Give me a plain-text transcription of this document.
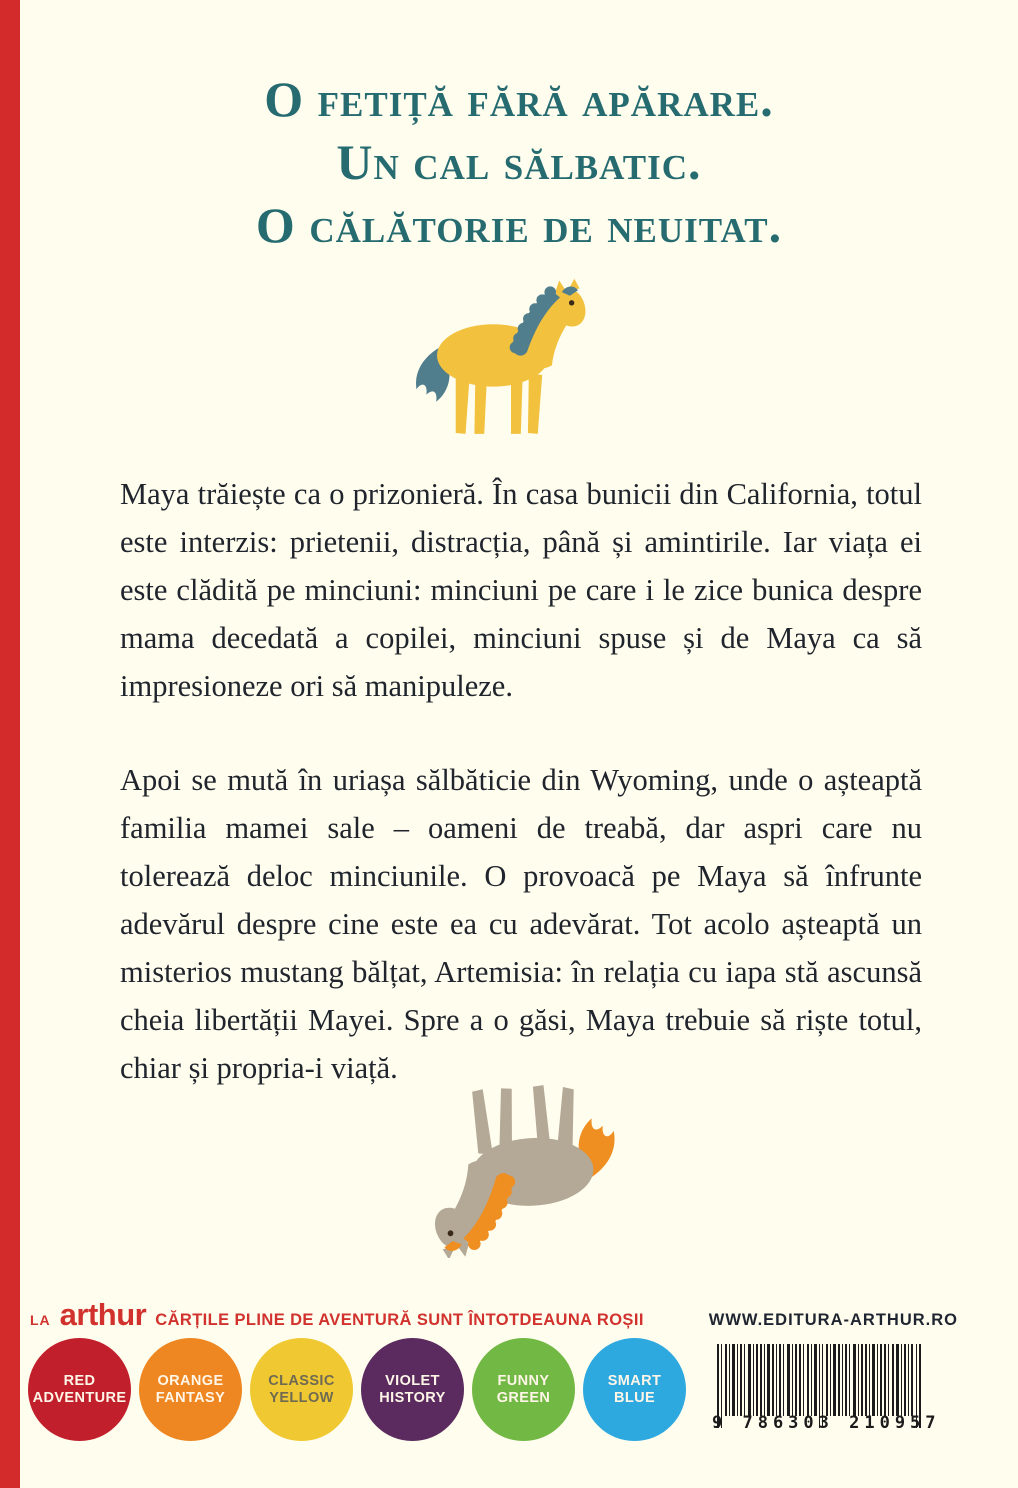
O fetiță fără apărare.
Un cal sălbatic.
O călătorie de neuitat.

Maya trăiește ca o prizonieră. În casa bunicii din California, totul este interzis: prietenii, distracția, până și amintirile. Iar viața ei este clădită pe minciuni: minciuni pe care i le zice bunica despre mama decedată a copilei, minciuni spuse și de Maya ca să impresioneze ori să manipuleze.

Apoi se mută în uriașa sălbăticie din Wyoming, unde o așteaptă familia mamei sale – oameni de treabă, dar aspri care nu tolerează deloc minciunile. O provoacă pe Maya să înfrunte adevărul despre cine este ea cu adevărat. Tot acolo așteaptă un misterios mustang bălțat, Artemisia: în relația cu iapa stă ascunsă cheia libertății Mayei. Spre a o găsi, Maya trebuie să riște totul, chiar și propria-i viață.

LA arthur CĂRȚILE PLINE DE AVENTURĂ SUNT ÎNTOTDEAUNA ROȘII	WWW.EDITURA-ARTHUR.RO
RED
ADVENTURE
ORANGE
FANTASY
CLASSIC
YELLOW
VIOLET
HISTORY
FUNNY
GREEN
SMART
BLUE
9 786303 210957
